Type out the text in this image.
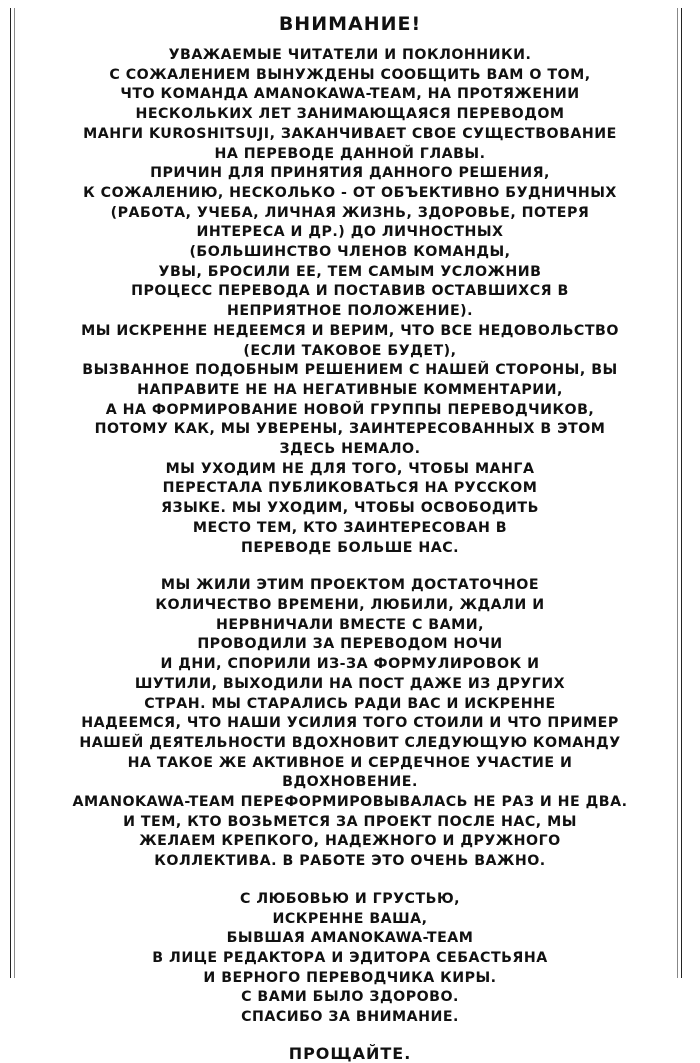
ВНИМАНИЕ!
УВАЖАЕМЫЕ ЧИТАТЕЛИ И ПОКЛОННИКИ.
С СОЖАЛЕНИЕМ ВЫНУЖДЕНЫ СООБЩИТЬ ВАМ О ТОМ,
ЧТО КОМАНДА AMANOKAWA-TEAM, НА ПРОТЯЖЕНИИ
НЕСКОЛЬКИХ ЛЕТ ЗАНИМАЮЩАЯСЯ ПЕРЕВОДОМ
МАНГИ KUROSHITSUJI, ЗАКАНЧИВАЕТ СВОЕ СУЩЕСТВОВАНИЕ
НА ПЕРЕВОДЕ ДАННОЙ ГЛАВЫ.
ПРИЧИН ДЛЯ ПРИНЯТИЯ ДАННОГО РЕШЕНИЯ,
К СОЖАЛЕНИЮ, НЕСКОЛЬКО - ОТ ОБЪЕКТИВНО БУДНИЧНЫХ
(РАБОТА, УЧЕБА, ЛИЧНАЯ ЖИЗНЬ, ЗДОРОВЬЕ, ПОТЕРЯ
ИНТЕРЕСА И ДР.) ДО ЛИЧНОСТНЫХ
(БОЛЬШИНСТВО ЧЛЕНОВ КОМАНДЫ,
УВЫ, БРОСИЛИ ЕЕ, ТЕМ САМЫМ УСЛОЖНИВ
ПРОЦЕСС ПЕРЕВОДА И ПОСТАВИВ ОСТАВШИХСЯ В
НЕПРИЯТНОЕ ПОЛОЖЕНИЕ).
МЫ ИСКРЕННЕ НЕДЕЕМСЯ И ВЕРИМ, ЧТО ВСЕ НЕДОВОЛЬСТВО
(ЕСЛИ ТАКОВОЕ БУДЕТ),
ВЫЗВАННОЕ ПОДОБНЫМ РЕШЕНИЕМ С НАШЕЙ СТОРОНЫ, ВЫ
НАПРАВИТЕ НЕ НА НЕГАТИВНЫЕ КОММЕНТАРИИ,
А НА ФОРМИРОВАНИЕ НОВОЙ ГРУППЫ ПЕРЕВОДЧИКОВ,
ПОТОМУ КАК, МЫ УВЕРЕНЫ, ЗАИНТЕРЕСОВАННЫХ В ЭТОМ
ЗДЕСЬ НЕМАЛО.
МЫ УХОДИМ НЕ ДЛЯ ТОГО, ЧТОБЫ МАНГА
ПЕРЕСТАЛА ПУБЛИКОВАТЬСЯ НА РУССКОМ
ЯЗЫКЕ. МЫ УХОДИМ, ЧТОБЫ ОСВОБОДИТЬ
МЕСТО ТЕМ, КТО ЗАИНТЕРЕСОВАН В
ПЕРЕВОДЕ БОЛЬШЕ НАС.
МЫ ЖИЛИ ЭТИМ ПРОЕКТОМ ДОСТАТОЧНОЕ
КОЛИЧЕСТВО ВРЕМЕНИ, ЛЮБИЛИ, ЖДАЛИ И
НЕРВНИЧАЛИ ВМЕСТЕ С ВАМИ,
ПРОВОДИЛИ ЗА ПЕРЕВОДОМ НОЧИ
И ДНИ, СПОРИЛИ ИЗ-ЗА ФОРМУЛИРОВОК И
ШУТИЛИ, ВЫХОДИЛИ НА ПОСТ ДАЖЕ ИЗ ДРУГИХ
СТРАН. МЫ СТАРАЛИСЬ РАДИ ВАС И ИСКРЕННЕ
НАДЕЕМСЯ, ЧТО НАШИ УСИЛИЯ ТОГО СТОИЛИ И ЧТО ПРИМЕР
НАШЕЙ ДЕЯТЕЛЬНОСТИ ВДОХНОВИТ СЛЕДУЮЩУЮ КОМАНДУ
НА ТАКОЕ ЖЕ АКТИВНОЕ И СЕРДЕЧНОЕ УЧАСТИЕ И
ВДОХНОВЕНИЕ.
AMANOKAWA-TEAM ПЕРЕФОРМИРОВЫВАЛАСЬ НЕ РАЗ И НЕ ДВА.
И ТЕМ, КТО ВОЗЬМЕТСЯ ЗА ПРОЕКТ ПОСЛЕ НАС, МЫ
ЖЕЛАЕМ КРЕПКОГО, НАДЕЖНОГО И ДРУЖНОГО
КОЛЛЕКТИВА. В РАБОТЕ ЭТО ОЧЕНЬ ВАЖНО.
С ЛЮБОВЬЮ И ГРУСТЬЮ,
ИСКРЕННЕ ВАША,
БЫВШАЯ AMANOKAWA-TEAM
В ЛИЦЕ РЕДАКТОРА И ЭДИТОРА СЕБАСТЬЯНА
И ВЕРНОГО ПЕРЕВОДЧИКА КИРЫ.
С ВАМИ БЫЛО ЗДОРОВО.
СПАСИБО ЗА ВНИМАНИЕ.
ПРОЩАЙТЕ.
